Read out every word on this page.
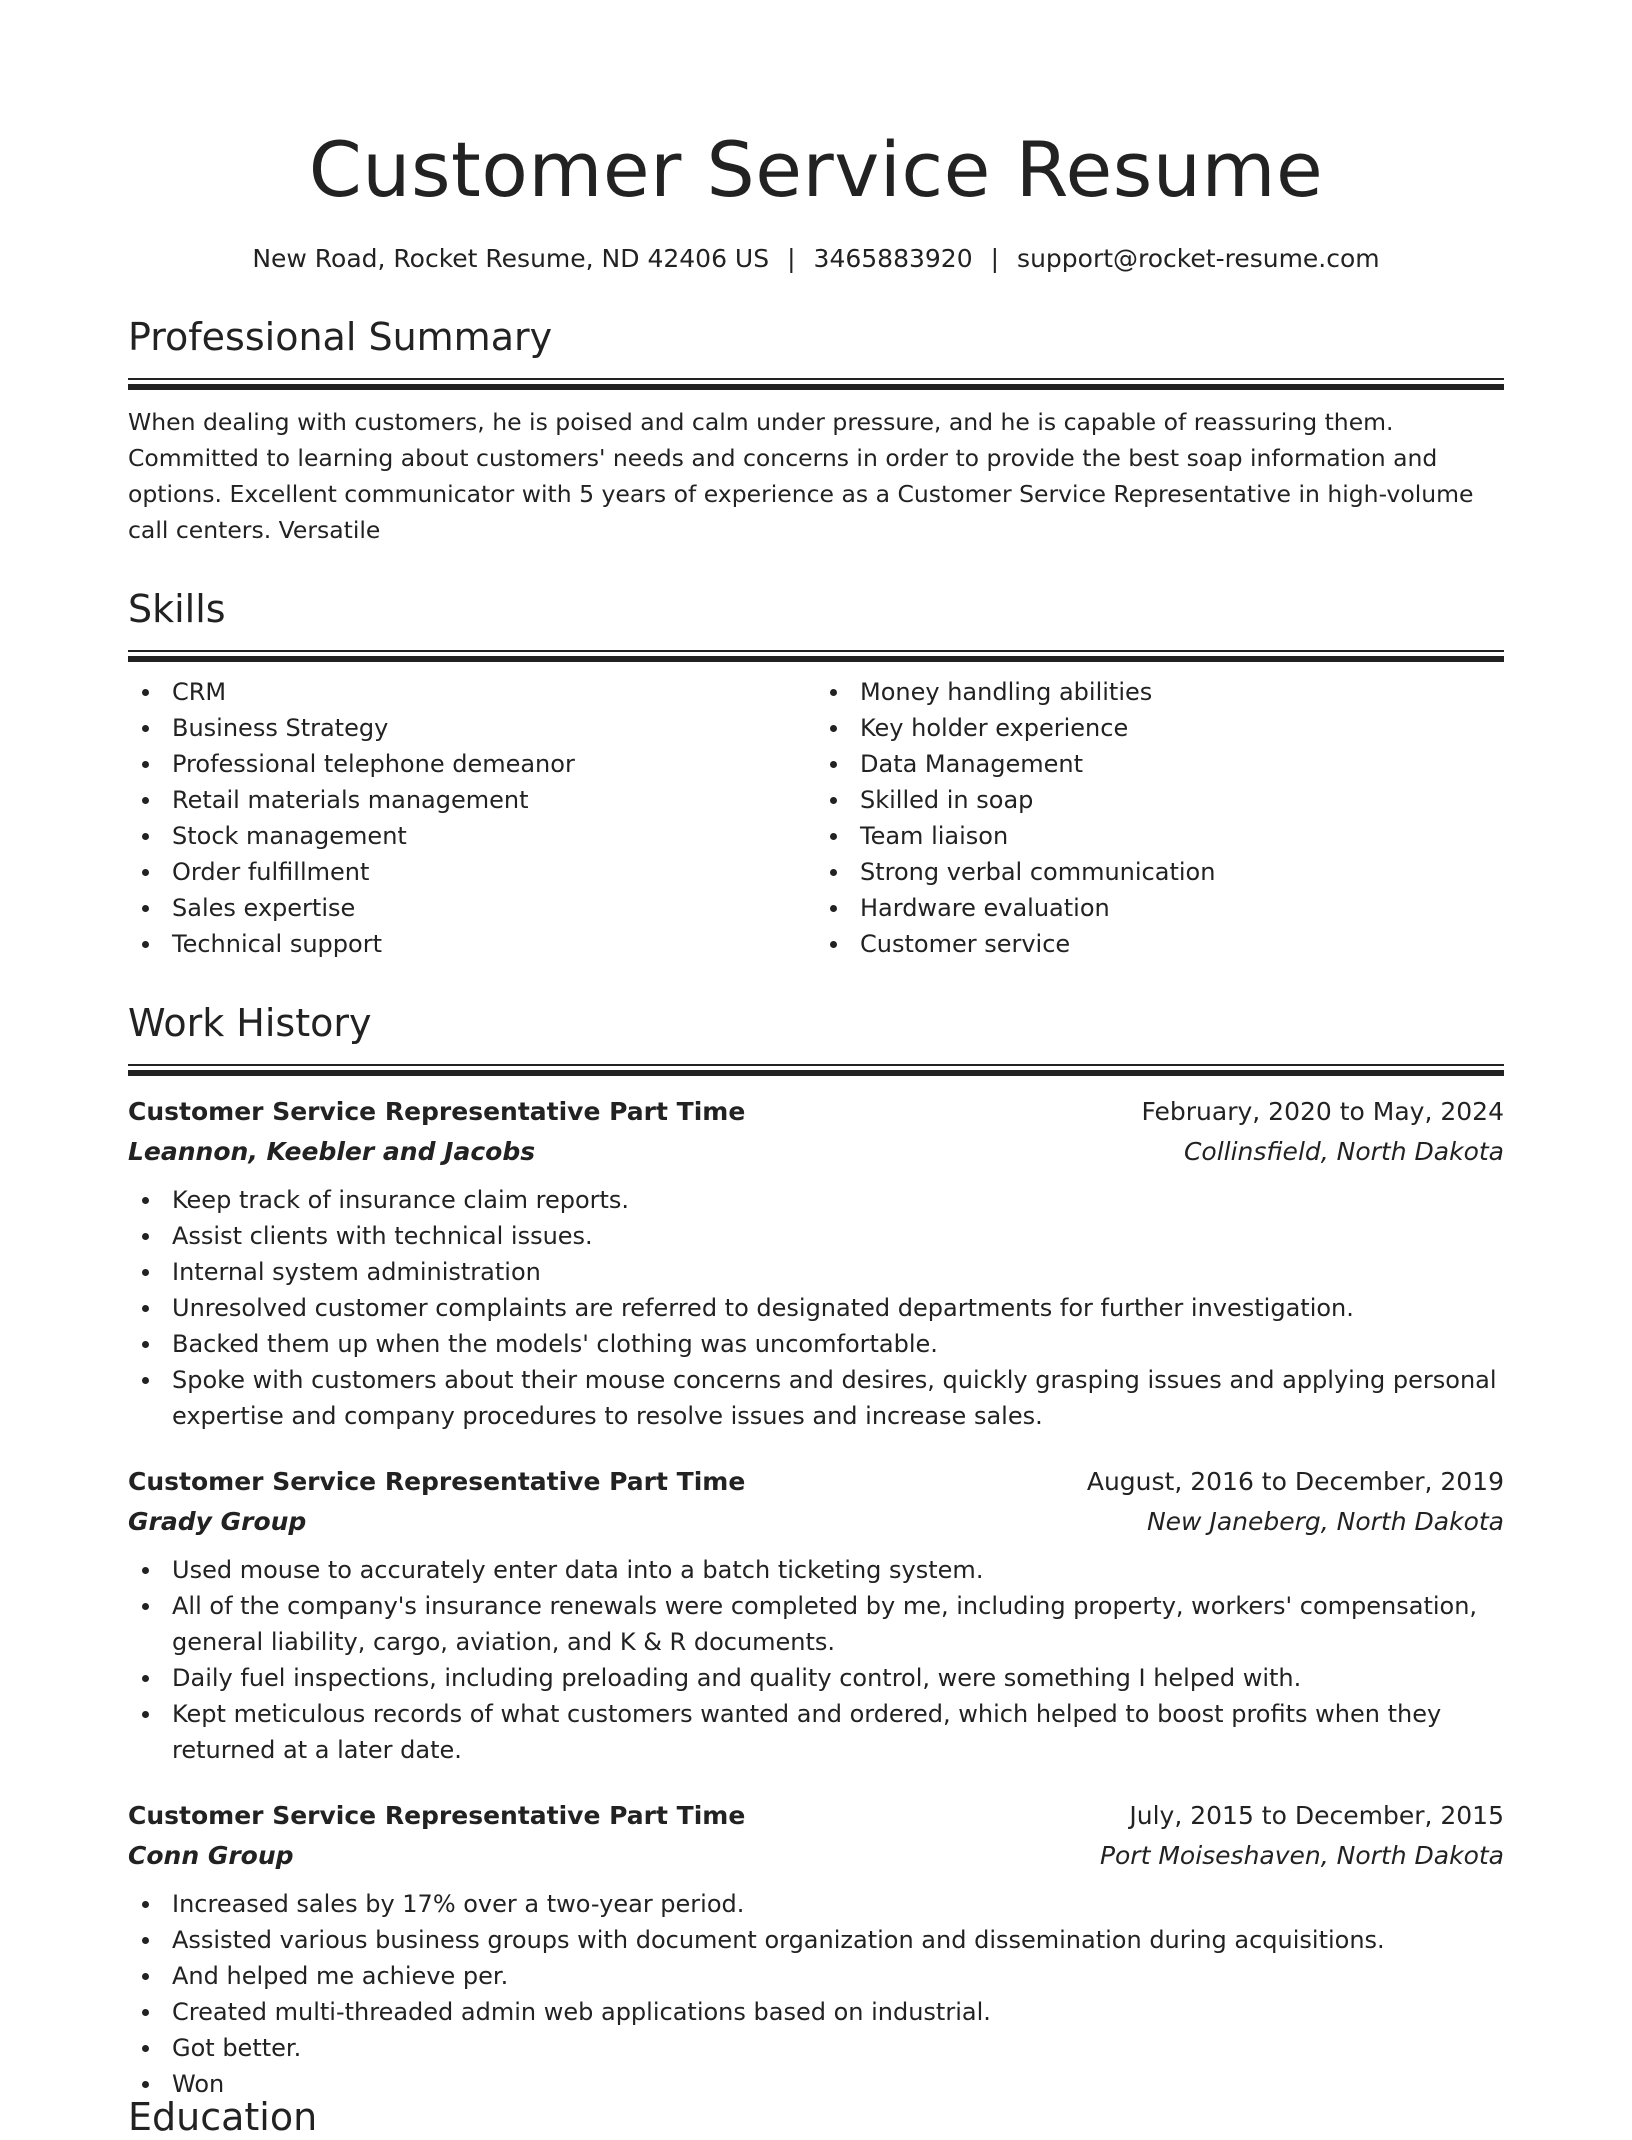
Customer Service Resume
New Road, Rocket Resume, ND 42406 US | 3465883920 | support@rocket-resume.com
Professional Summary
When dealing with customers, he is poised and calm under pressure, and he is capable of reassuring them. Committed to learning about customers' needs and concerns in order to provide the best soap information and options. Excellent communicator with 5 years of experience as a Customer Service Representative in high-volume call centers. Versatile
Skills
CRM
Business Strategy
Professional telephone demeanor
Retail materials management
Stock management
Order fulfillment
Sales expertise
Technical support
Money handling abilities
Key holder experience
Data Management
Skilled in soap
Team liaison
Strong verbal communication
Hardware evaluation
Customer service
Work History
Customer Service Representative Part Time	February, 2020 to May, 2024
Leannon, Keebler and Jacobs	Collinsfield, North Dakota
Keep track of insurance claim reports.
Assist clients with technical issues.
Internal system administration
Unresolved customer complaints are referred to designated departments for further investigation.
Backed them up when the models' clothing was uncomfortable.
Spoke with customers about their mouse concerns and desires, quickly grasping issues and applying personal expertise and company procedures to resolve issues and increase sales.
Customer Service Representative Part Time	August, 2016 to December, 2019
Grady Group	New Janeberg, North Dakota
Used mouse to accurately enter data into a batch ticketing system.
All of the company's insurance renewals were completed by me, including property, workers' compensation, general liability, cargo, aviation, and K & R documents.
Daily fuel inspections, including preloading and quality control, were something I helped with.
Kept meticulous records of what customers wanted and ordered, which helped to boost profits when they returned at a later date.
Customer Service Representative Part Time	July, 2015 to December, 2015
Conn Group	Port Moiseshaven, North Dakota
Increased sales by 17% over a two-year period.
Assisted various business groups with document organization and dissemination during acquisitions.
And helped me achieve per.
Created multi-threaded admin web applications based on industrial.
Got better.
Won
Education
